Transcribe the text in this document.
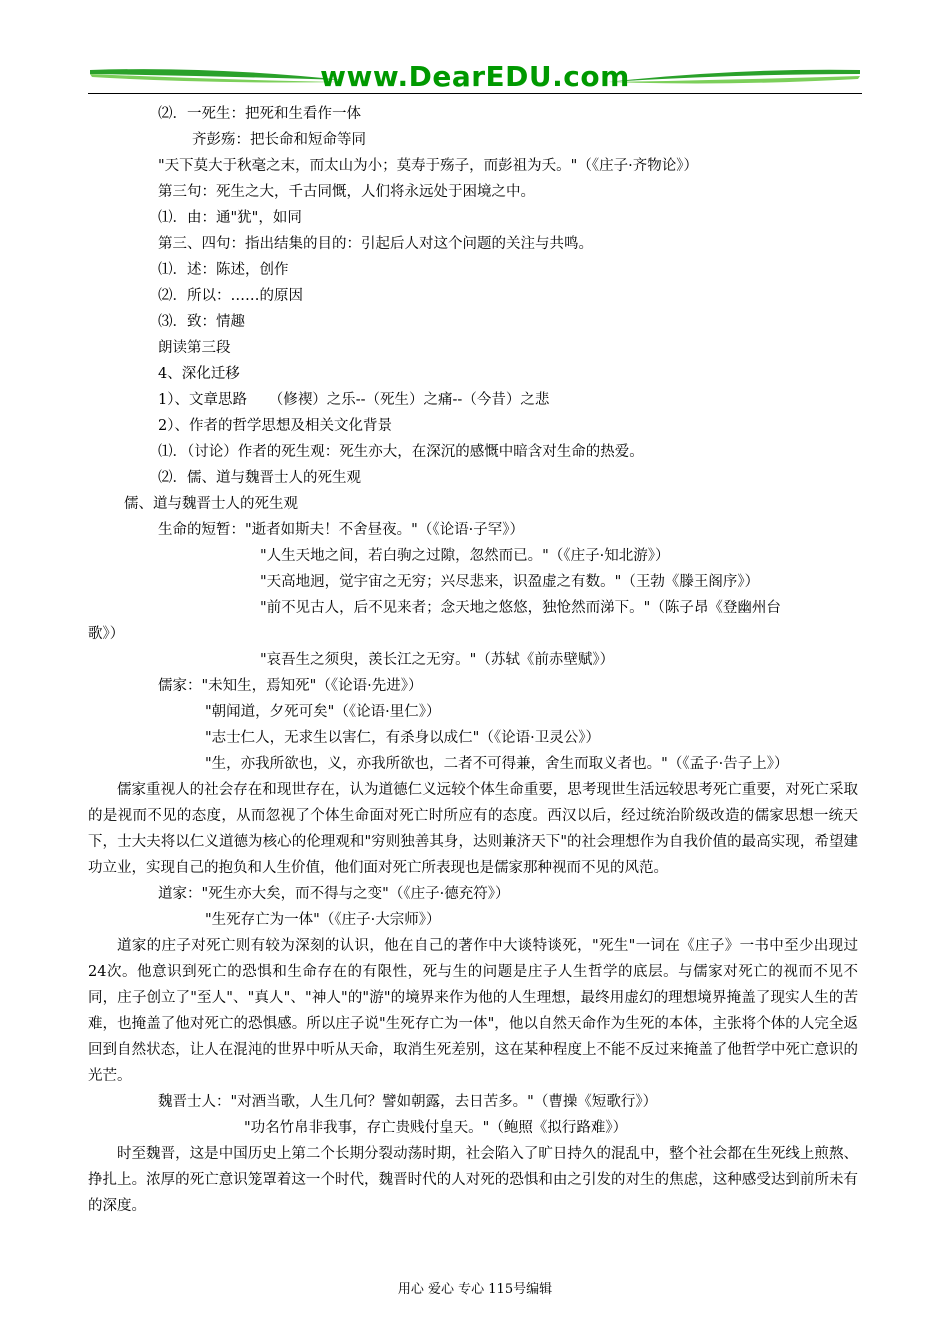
www.DearEDU.com
⑵．一死生：把死和生看作一体
齐彭殇：把长命和短命等同
"天下莫大于秋毫之末，而太山为小；莫寿于殇子，而彭祖为夭。"（《庄子·齐物论》）
第三句：死生之大，千古同慨，人们将永远处于困境之中。
⑴．由：通"犹"，如同
第三、四句：指出结集的目的：引起后人对这个问题的关注与共鸣。
⑴．述：陈述，创作
⑵．所以：……的原因
⑶．致：情趣
朗读第三段
4、深化迁移
1）、文章思路　　（修禊）之乐--（死生）之痛--（今昔）之悲
2）、作者的哲学思想及相关文化背景
⑴．（讨论）作者的死生观：死生亦大，在深沉的感慨中暗含对生命的热爱。
⑵．儒、道与魏晋士人的死生观
儒、道与魏晋士人的死生观
生命的短暂："逝者如斯夫！不舍昼夜。"（《论语·子罕》）
"人生天地之间，若白驹之过隙，忽然而已。"（《庄子·知北游》）
"天高地迥，觉宇宙之无穷；兴尽悲来，识盈虚之有数。"（王勃《滕王阁序》）
"前不见古人，后不见来者；念天地之悠悠，独怆然而涕下。"（陈子昂《登幽州台
歌》）
"哀吾生之须臾，羡长江之无穷。"（苏轼《前赤壁赋》）
儒家："未知生，焉知死"（《论语·先进》）
"朝闻道，夕死可矣"（《论语·里仁》）
"志士仁人，无求生以害仁，有杀身以成仁"（《论语·卫灵公》）
"生，亦我所欲也，义，亦我所欲也，二者不可得兼，舍生而取义者也。"（《孟子·告子上》）

儒家重视人的社会存在和现世存在，认为道德仁义远较个体生命重要，思考现世生活远较思考死亡重要，对死亡采取的是视而不见的态度，从而忽视了个体生命面对死亡时所应有的态度。西汉以后，经过统治阶级改造的儒家思想一统天下，士大夫将以仁义道德为核心的伦理观和"穷则独善其身，达则兼济天下"的社会理想作为自我价值的最高实现，希望建功立业，实现自己的抱负和人生价值，他们面对死亡所表现也是儒家那种视而不见的风范。

道家："死生亦大矣，而不得与之变"（《庄子·德充符》）
"生死存亡为一体"（《庄子·大宗师》）

道家的庄子对死亡则有较为深刻的认识，他在自己的著作中大谈特谈死，"死生"一词在《庄子》一书中至少出现过24次。他意识到死亡的恐惧和生命存在的有限性，死与生的问题是庄子人生哲学的底层。与儒家对死亡的视而不见不同，庄子创立了"至人"、"真人"、"神人"的"游"的境界来作为他的人生理想，最终用虚幻的理想境界掩盖了现实人生的苦难，也掩盖了他对死亡的恐惧感。所以庄子说"生死存亡为一体"，他以自然天命作为生死的本体，主张将个体的人完全返回到自然状态，让人在混沌的世界中听从天命，取消生死差别，这在某种程度上不能不反过来掩盖了他哲学中死亡意识的光芒。

魏晋士人："对酒当歌，人生几何？譬如朝露，去日苦多。"（曹操《短歌行》）
"功名竹帛非我事，存亡贵贱付皇天。"（鲍照《拟行路难》）

时至魏晋，这是中国历史上第二个长期分裂动荡时期，社会陷入了旷日持久的混乱中，整个社会都在生死线上煎熬、挣扎上。浓厚的死亡意识笼罩着这一个时代，魏晋时代的人对死的恐惧和由之引发的对生的焦虑，这种感受达到前所未有的深度。

用心 爱心 专心 115号编辑
